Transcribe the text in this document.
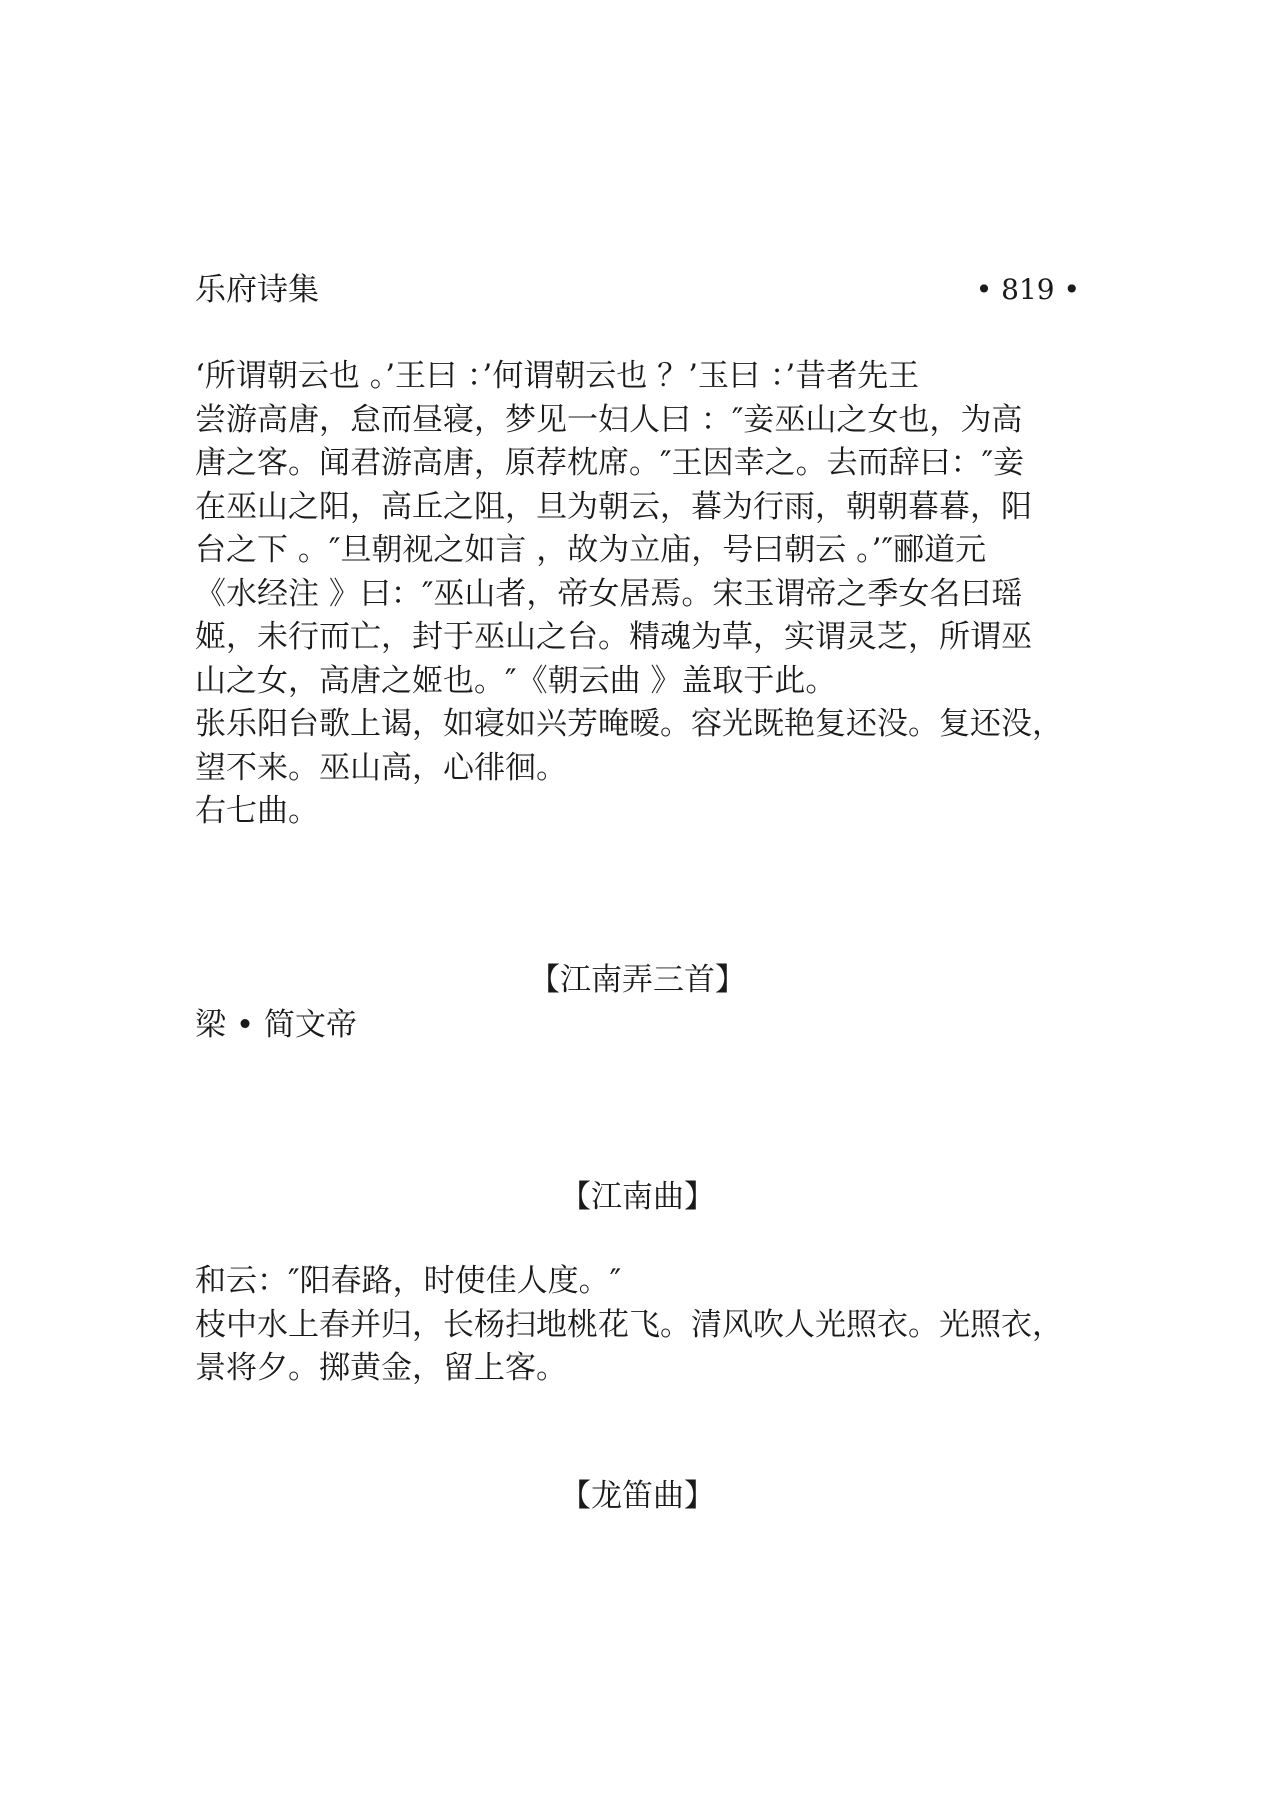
乐府诗集	• 819 •
‘所谓朝云也 。’王曰 ：’何谓朝云也 ？’玉曰 ：’昔者先王
尝游高唐，怠而昼寝，梦见一妇人曰 ：″妾巫山之女也，为高
唐之客。闻君游高唐，原荐枕席。″王因幸之。去而辞曰：″妾
在巫山之阳，高丘之阻，旦为朝云，暮为行雨，朝朝暮暮，阳
台之下 。″旦朝视之如言 ，故为立庙，号曰朝云 。’″郦道元
《水经注 》曰：″巫山者，帝女居焉。宋玉谓帝之季女名曰瑶
姬，未行而亡，封于巫山之台。精魂为草，实谓灵芝，所谓巫
山之女，高唐之姬也。″《朝云曲 》盖取于此。
张乐阳台歌上谒，如寝如兴芳晻暧。容光既艳复还没。复还没，
望不来。巫山高，心徘徊。
右七曲。
【江南弄三首】
梁 • 简文帝
【江南曲】
和云：″阳春路，时使佳人度。″
枝中水上春并归，长杨扫地桃花飞。清风吹人光照衣。光照衣，
景将夕。掷黄金，留上客。
【龙笛曲】
